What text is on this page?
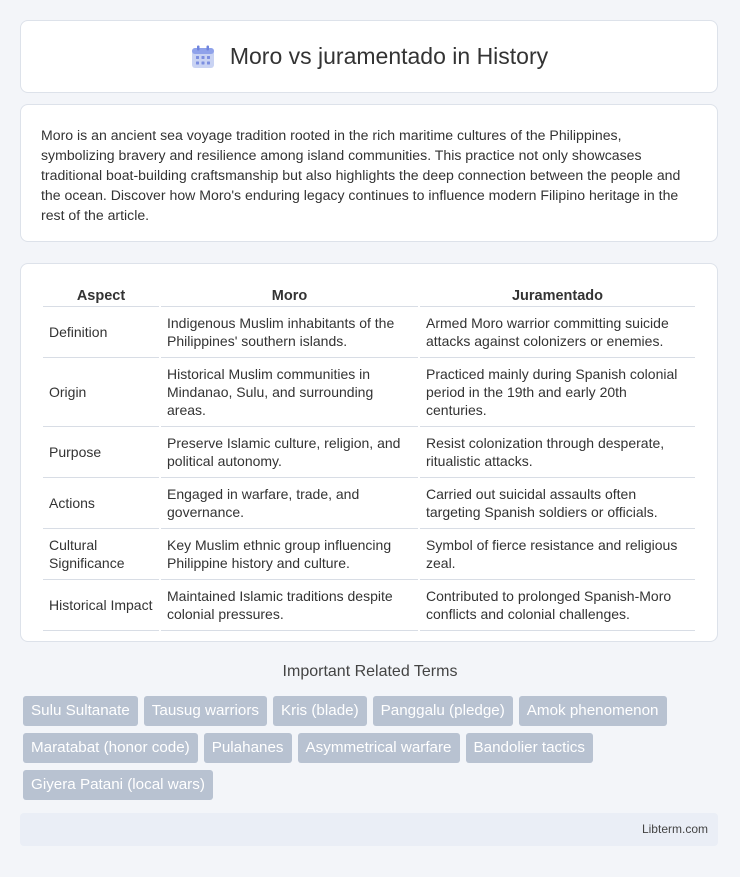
Moro vs juramentado in History

Moro is an ancient sea voyage tradition rooted in the rich maritime cultures of the Philippines, symbolizing bravery and resilience among island communities. This practice not only showcases traditional boat-building craftsmanship but also highlights the deep connection between the people and the ocean. Discover how Moro's enduring legacy continues to influence modern Filipino heritage in the rest of the article.

Aspect	Moro	Juramentado
Definition	Indigenous Muslim inhabitants of the Philippines' southern islands.	Armed Moro warrior committing suicide attacks against colonizers or enemies.
Origin	Historical Muslim communities in Mindanao, Sulu, and surrounding areas.	Practiced mainly during Spanish colonial period in the 19th and early 20th centuries.
Purpose	Preserve Islamic culture, religion, and political autonomy.	Resist colonization through desperate, ritualistic attacks.
Actions	Engaged in warfare, trade, and governance.	Carried out suicidal assaults often targeting Spanish soldiers or officials.
Cultural Significance	Key Muslim ethnic group influencing Philippine history and culture.	Symbol of fierce resistance and religious zeal.
Historical Impact	Maintained Islamic traditions despite colonial pressures.	Contributed to prolonged Spanish-Moro conflicts and colonial challenges.
Important Related Terms
Sulu Sultanate	Tausug warriors	Kris (blade)	Panggalu (pledge)	Amok phenomenon
Maratabat (honor code)	Pulahanes	Asymmetrical warfare	Bandolier tactics
Giyera Patani (local wars)
Libterm.com
